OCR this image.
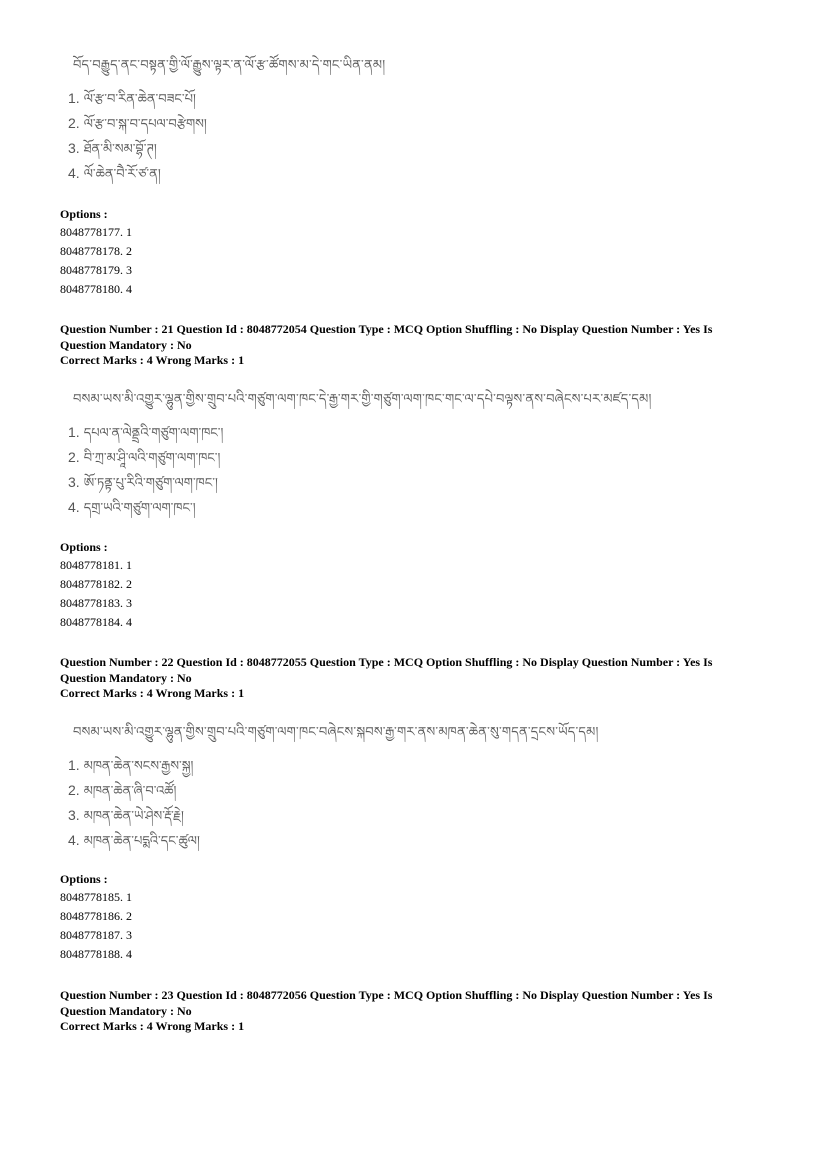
བོད་བརྒྱུད་ནང་བསྟན་གྱི་ལོ་རྒྱུས་ལྟར་ན་ལོ་རྩ་ཚོགས་མ་དེ་གང་ཡིན་ནམ།
1. ལོ་རྩ་བ་རིན་ཆེན་བཟང་པོ།
2. ལོ་རྩ་བ་སྐ་བ་དཔལ་བརྩེགས།
3. ཐོན་མི་སམ་བྷོ་ཊ།
4. ལོ་ཆེན་བཻ་རོ་ཙ་ན།
Options :
8048778177. 1
8048778178. 2
8048778179. 3
8048778180. 4
Question Number : 21 Question Id : 8048772054 Question Type : MCQ Option Shuffling : No Display Question Number : Yes Is
Question Mandatory : No
Correct Marks : 4 Wrong Marks : 1
བསམ་ཡས་མི་འགྱུར་ལྷུན་གྱིས་གྲུབ་པའི་གཙུག་ལག་ཁང་དེ་རྒྱ་གར་གྱི་གཙུག་ལག་ཁང་གང་ལ་དཔེ་བལྟས་ནས་བཞེངས་པར་མཛད་དམ།
1. དཔལ་ན་ལེནྡྲའི་གཙུག་ལག་ཁང་།
2. བི་ཀྲ་མ་ཤཱི་ལའི་གཙུག་ལག་ཁང་།
3. ཨོ་ཏནྟ་པུ་རིའི་གཙུག་ལག་ཁང་།
4. དགྲ་ཡའི་གཙུག་ལག་ཁང་།
Options :
8048778181. 1
8048778182. 2
8048778183. 3
8048778184. 4
Question Number : 22 Question Id : 8048772055 Question Type : MCQ Option Shuffling : No Display Question Number : Yes Is
Question Mandatory : No
Correct Marks : 4 Wrong Marks : 1
བསམ་ཡས་མི་འགྱུར་ལྷུན་གྱིས་གྲུབ་པའི་གཙུག་ལག་ཁང་བཞེངས་སྐབས་རྒྱ་གར་ནས་མཁན་ཆེན་སུ་གདན་དྲངས་ཡོད་དམ།
1. མཁན་ཆེན་སངས་རྒྱས་སྐྱ།
2. མཁན་ཆེན་ཞི་བ་འཚོ།
3. མཁན་ཆེན་ཡེ་ཤེས་རྡོ་རྗེ།
4. མཁན་ཆེན་པདྨའི་དང་ཚུལ།
Options :
8048778185. 1
8048778186. 2
8048778187. 3
8048778188. 4
Question Number : 23 Question Id : 8048772056 Question Type : MCQ Option Shuffling : No Display Question Number : Yes Is
Question Mandatory : No
Correct Marks : 4 Wrong Marks : 1
